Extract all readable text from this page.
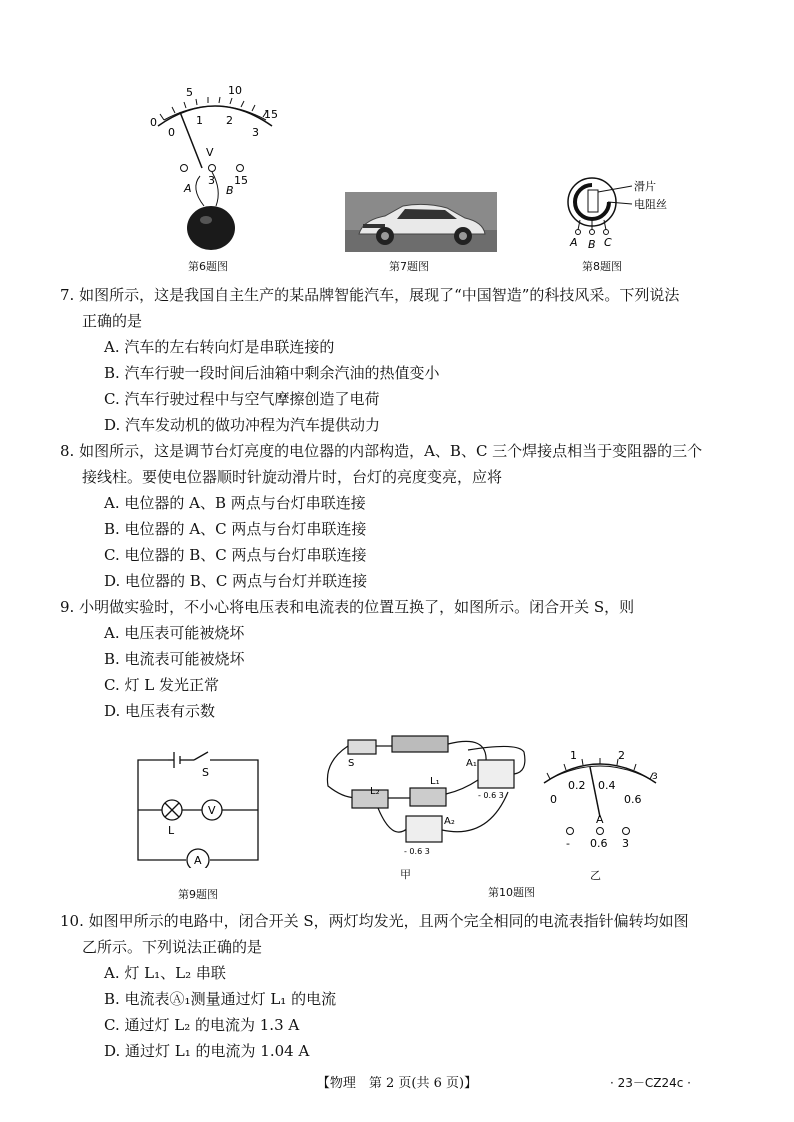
0
5	10
15
0
1 2
3
V
3 15
A	B
第6题图	第7题图
滑片
电阻丝
A B C
第8题图
7. 如图所示，这是我国自主生产的某品牌智能汽车，展现了“中国智造”的科技风采。下列说法
正确的是
A. 汽车的左右转向灯是串联连接的
B. 汽车行驶一段时间后油箱中剩余汽油的热值变小
C. 汽车行驶过程中与空气摩擦创造了电荷
D. 汽车发动机的做功冲程为汽车提供动力
8. 如图所示，这是调节台灯亮度的电位器的内部构造，A、B、C 三个焊接点相当于变阻器的三个
接线柱。要使电位器顺时针旋动滑片时，台灯的亮度变亮，应将
A. 电位器的 A、B 两点与台灯串联连接
B. 电位器的 A、C 两点与台灯串联连接
C. 电位器的 B、C 两点与台灯串联连接
D. 电位器的 B、C 两点与台灯并联连接
9. 小明做实验时，不小心将电压表和电流表的位置互换了，如图所示。闭合开关 S，则
A. 电压表可能被烧坏
B. 电流表可能被烧坏
C. 灯 L 发光正常
D. 电压表有示数
S
L
V
A
第9题图
S
L₂
L₁
A₁
A₂
- 0.6 3
- 0.6 3
甲
1	2
3
0
0.2 0.4
0.6
A
- 0.6 3
乙
第10题图
10. 如图甲所示的电路中，闭合开关 S，两灯均发光，且两个完全相同的电流表指针偏转均如图
乙所示。下列说法正确的是
A. 灯 L₁、L₂ 串联
B. 电流表Ⓐ₁测量通过灯 L₁ 的电流
C. 通过灯 L₂ 的电流为 1.3 A
D. 通过灯 L₁ 的电流为 1.04 A
【物理　第 2 页(共 6 页)】	· 23－CZ24c ·
